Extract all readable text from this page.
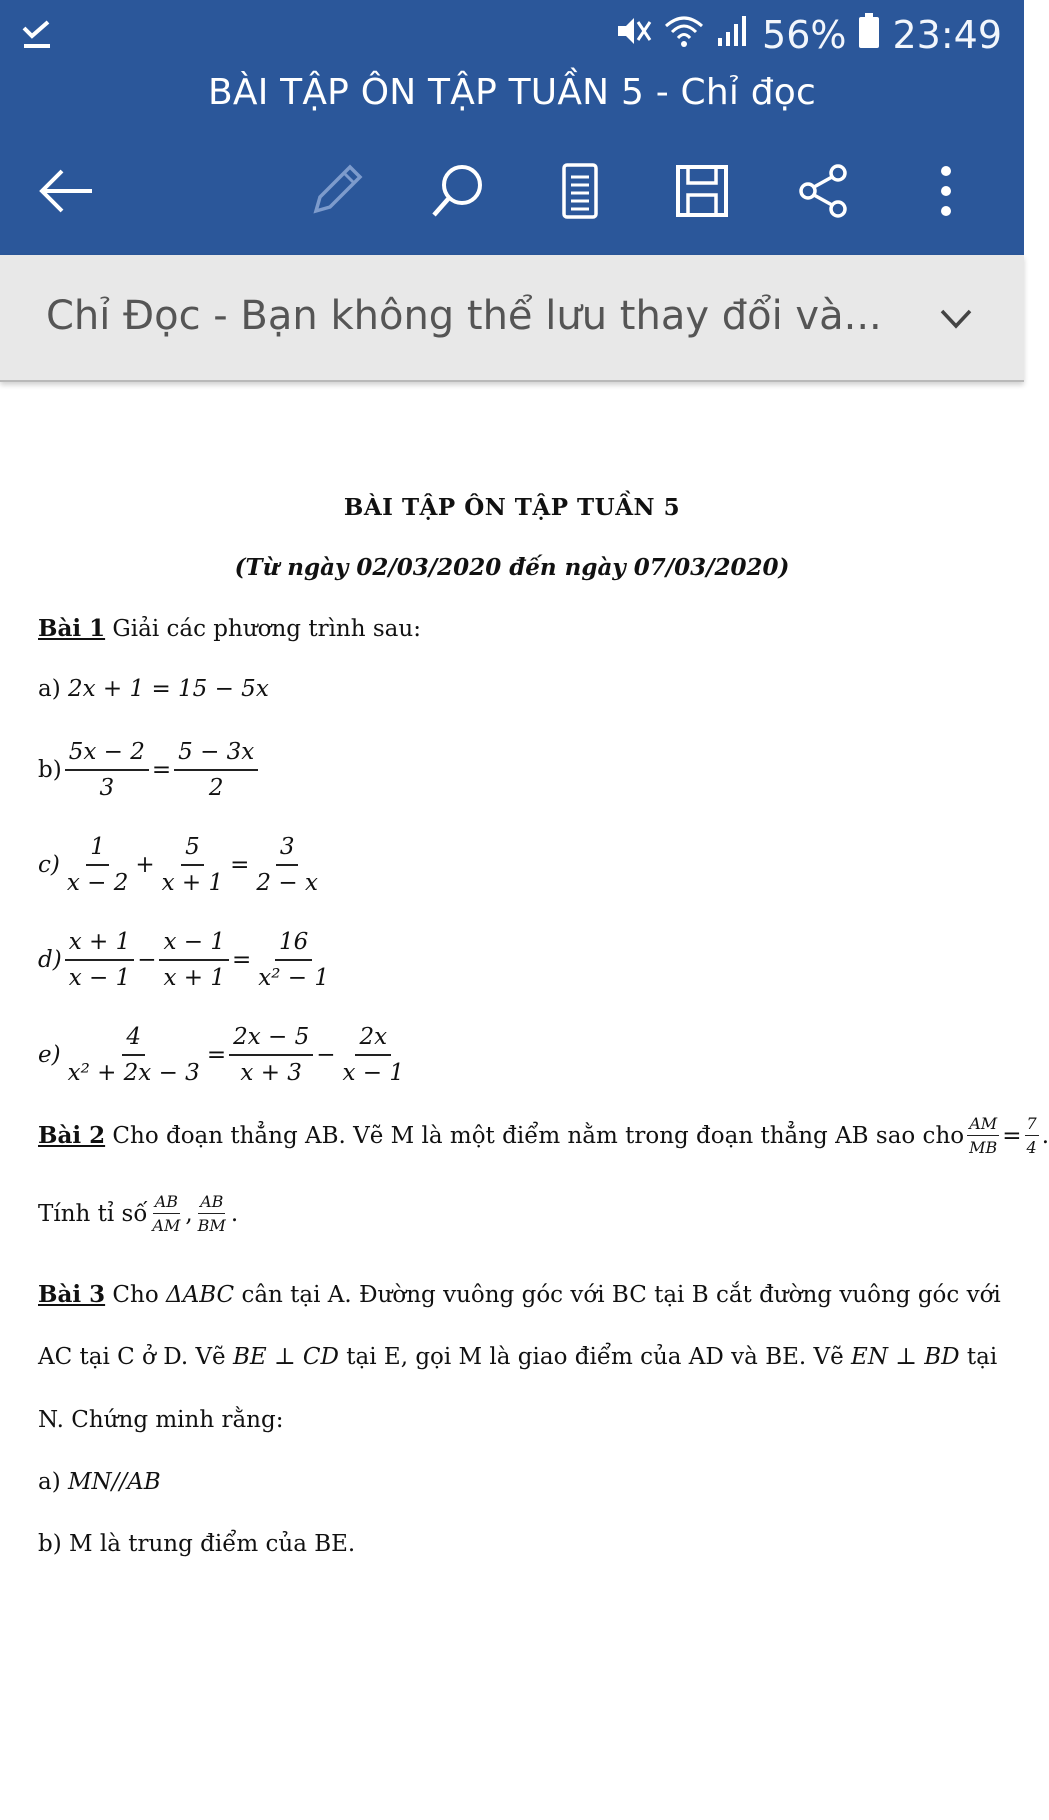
56% 23:49
BÀI TẬP ÔN TẬP TUẦN 5 - Chỉ đọc
Chỉ Đọc - Bạn không thể lưu thay đổi và...
BÀI TẬP ÔN TẬP TUẦN 5
(Từ ngày 02/03/2020 đến ngày 07/03/2020)
Bài 1 Giải các phương trình sau:
a) 2x + 1 = 15 − 5x
$b) \frac{5x - 2}{3} = \frac{5 - 3x}{2}$
$c) \frac{1}{x - 2} + \frac{5}{x + 1} = \frac{3}{2 - x}$
$d) \frac{x + 1}{x - 1} - \frac{x - 1}{x + 1} = \frac{16}{\text{x² − 1}}$
$e) \frac{4}{\text{x² + 2x − 3}} = \frac{2x - 5}{x + 3} - \frac{2x}{x - 1}$
Bài 2 Cho đoạn thẳng AB. Vẽ M là một điểm nằm trong đoạn thẳng AB sao cho $\frac{AM}{MB} = \frac{7}{4}$ .
Tính tỉ số $\frac{AB}{AM}$ , $\frac{AB}{BM}$ .
Bài 3 Cho ΔABC cân tại A. Đường vuông góc với BC tại B cắt đường vuông góc với
AC tại C ở D. Vẽ BE ⊥ CD tại E, gọi M là giao điểm của AD và BE. Vẽ EN ⊥ BD tại
N. Chứng minh rằng:
a) MN//AB
b) M là trung điểm của BE.
